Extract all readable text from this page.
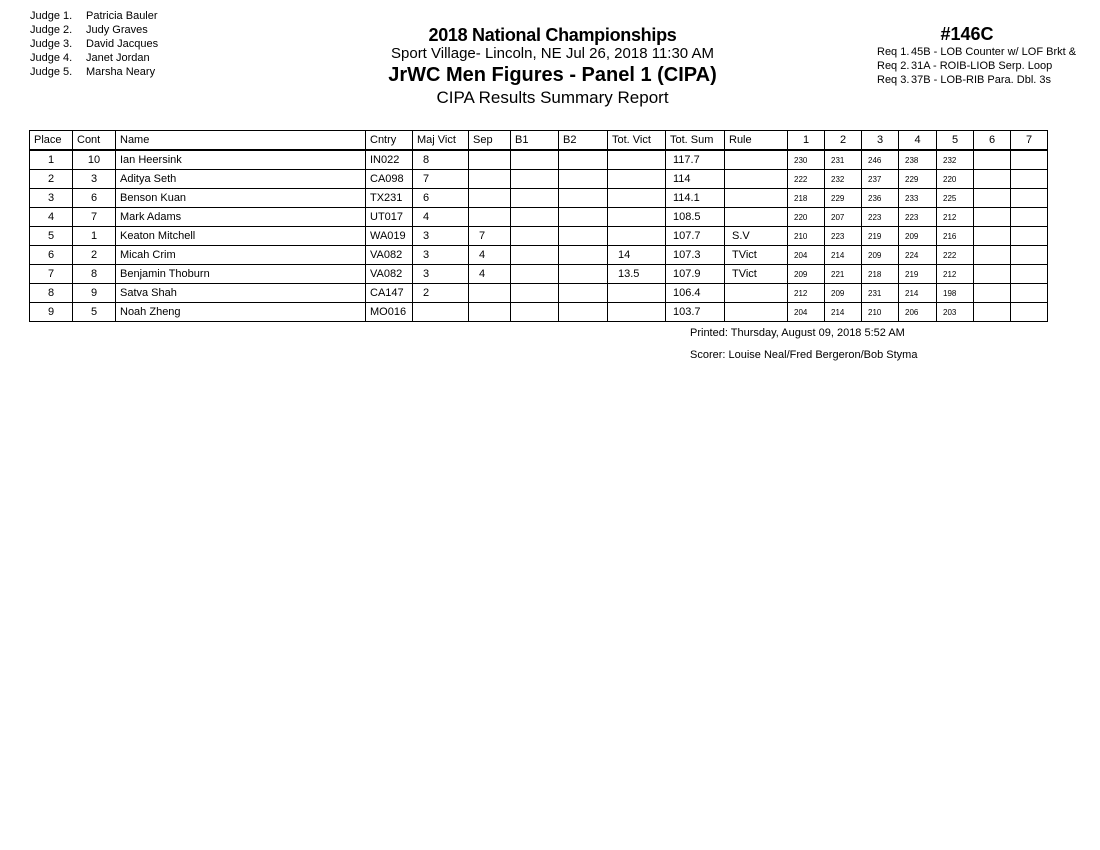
Judge 1. Patricia Bauler
Judge 2. Judy Graves
Judge 3. David Jacques
Judge 4. Janet Jordan
Judge 5. Marsha Neary
2018 National Championships
Sport Village- Lincoln, NE Jul 26, 2018 11:30 AM
JrWC Men Figures - Panel 1 (CIPA)
CIPA Results Summary Report
#146C
Req 1. 45B - LOB Counter w/ LOF Brkt &
Req 2. 31A - ROIB-LIOB Serp. Loop
Req 3. 37B - LOB-RIB Para. Dbl. 3s
Place	Cont	Name	Cntry	Maj Vict	Sep	B1	B2	Tot. Vict	Tot. Sum	Rule	1	2	3	4	5	6	7
1	10	Ian Heersink	IN022	8					117.7		230	231	246	238	232		
2	3	Aditya Seth	CA098	7					114		222	232	237	229	220		
3	6	Benson Kuan	TX231	6					114.1		218	229	236	233	225		
4	7	Mark Adams	UT017	4					108.5		220	207	223	223	212		
5	1	Keaton Mitchell	WA019	3	7				107.7	S.V	210	223	219	209	216		
6	2	Micah Crim	VA082	3	4			14	107.3	TVict	204	214	209	224	222		
7	8	Benjamin Thoburn	VA082	3	4			13.5	107.9	TVict	209	221	218	219	212		
8	9	Satva Shah	CA147	2					106.4		212	209	231	214	198		
9	5	Noah Zheng	MO016						103.7		204	214	210	206	203		
Printed: Thursday, August 09, 2018 5:52 AM
Scorer: Louise Neal/Fred Bergeron/Bob Styma
